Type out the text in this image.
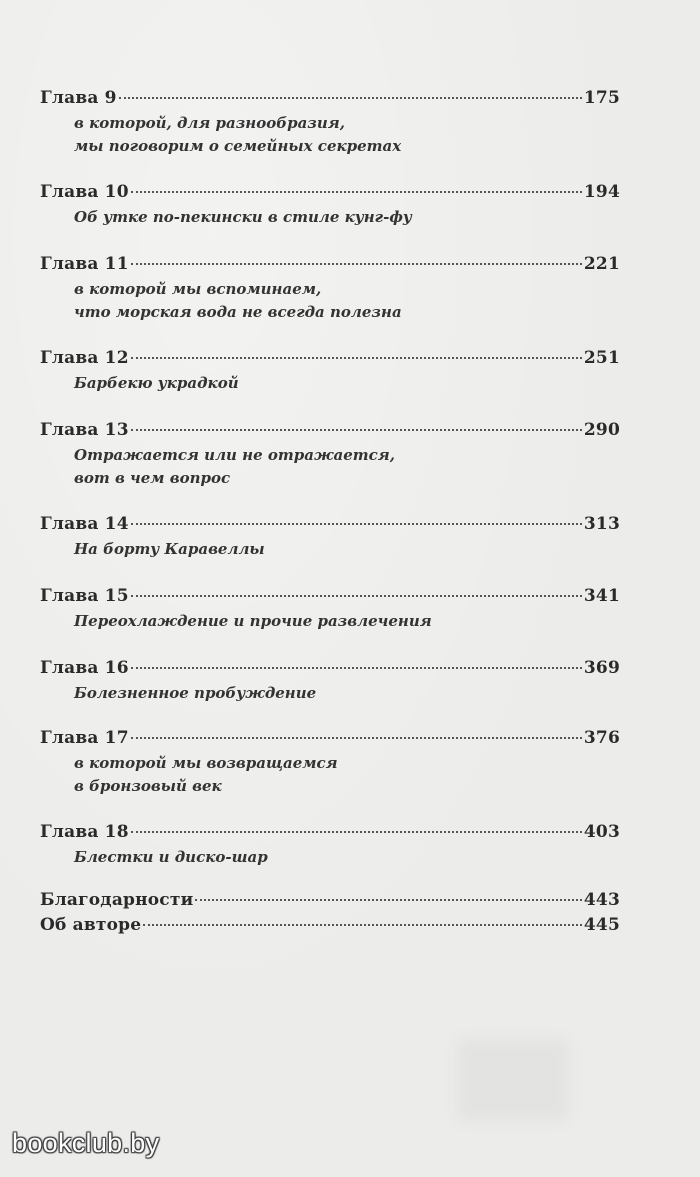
Глава 9	175
в которой, для разнообразия,
мы поговорим о семейных секретах
Глава 10	194
Об утке по-пекински в стиле кунг-фу
Глава 11	221
в которой мы вспоминаем,
что морская вода не всегда полезна
Глава 12	251
Барбекю украдкой
Глава 13	290
Отражается или не отражается,
вот в чем вопрос
Глава 14	313
На борту Каравеллы
Глава 15	341
Переохлаждение и прочие развлечения
Глава 16	369
Болезненное пробуждение
Глава 17	376
в которой мы возвращаемся
в бронзовый век
Глава 18	403
Блестки и диско-шар
Благодарности	443
Об авторе	445
bookclub.by
